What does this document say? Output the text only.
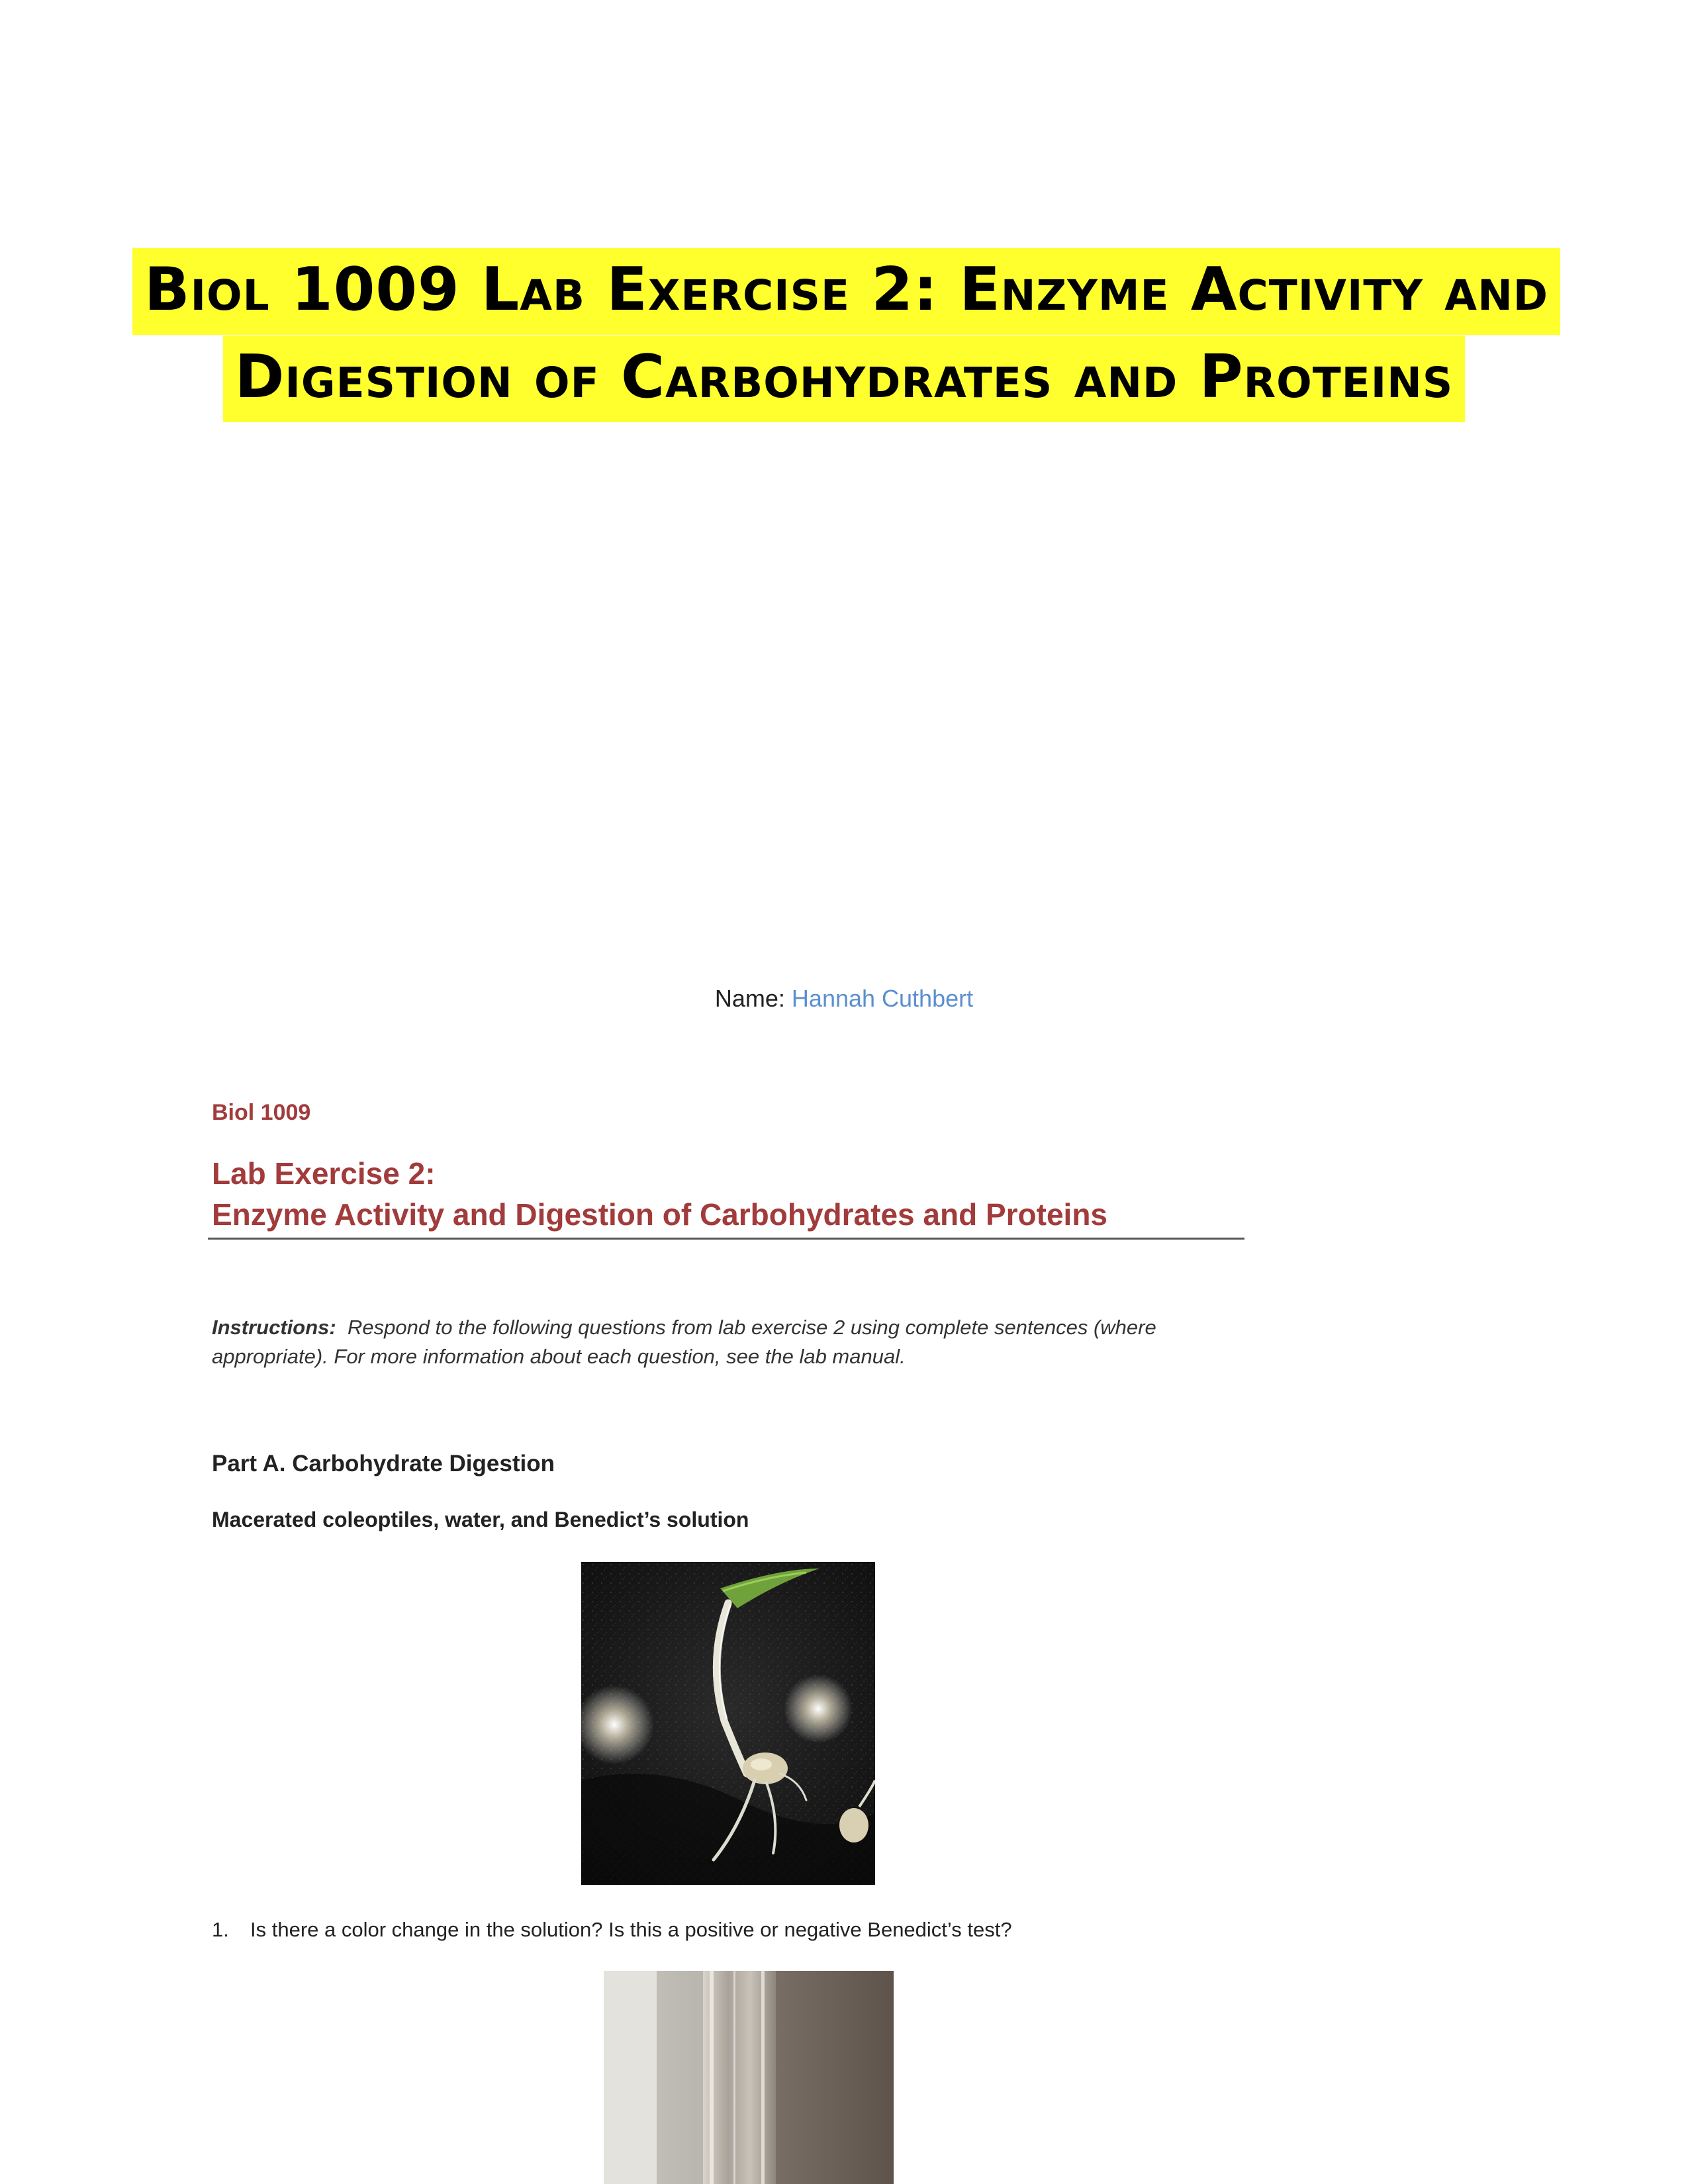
Biol 1009 Lab Exercise 2: Enzyme Activity and Digestion of Carbohydrates and Proteins
Name: Hannah Cuthbert
Biol 1009
Lab Exercise 2:
Enzyme Activity and Digestion of Carbohydrates and Proteins
Instructions: Respond to the following questions from lab exercise 2 using complete sentences (where appropriate). For more information about each question, see the lab manual.
Part A. Carbohydrate Digestion
Macerated coleoptiles, water, and Benedict’s solution
1. Is there a color change in the solution? Is this a positive or negative Benedict’s test?
